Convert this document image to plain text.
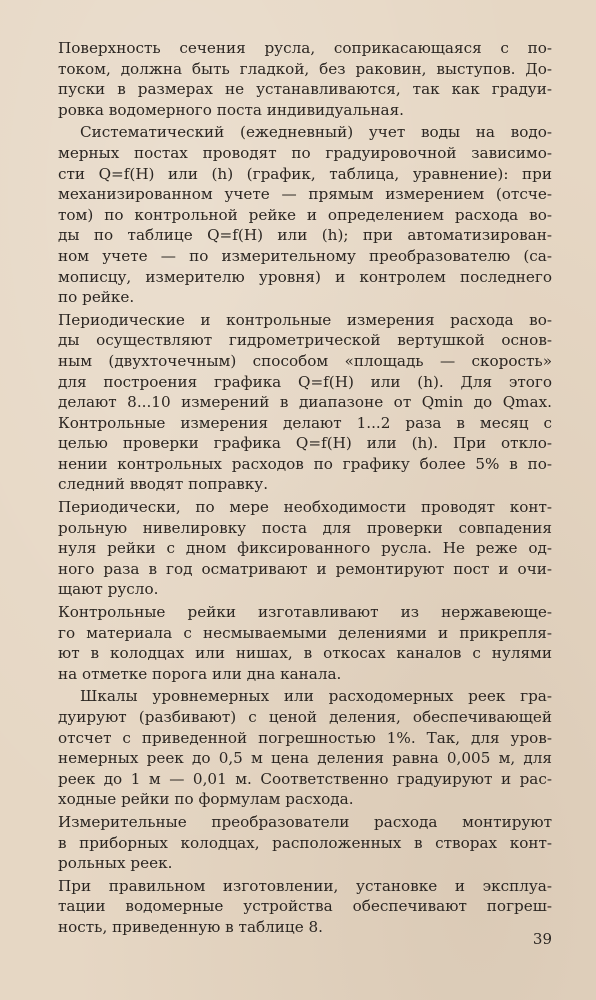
Поверхность сечения русла, соприкасающаяся с по-
током, должна быть гладкой, без раковин, выступов. До-
пуски в размерах не устанавливаются, так как градуи-
ровка водомерного поста индивидуальная.
Систематический (ежедневный) учет воды на водо-
мерных постах проводят по градуировочной зависимо-
сти Q=f(H) или (h) (график, таблица, уравнение): при
механизированном учете — прямым измерением (отсче-
том) по контрольной рейке и определением расхода во-
ды по таблице Q=f(H) или (h); при автоматизирован-
ном учете — по измерительному преобразователю (са-
мописцу, измерителю уровня) и контролем последнего
по рейке.
Периодические и контрольные измерения расхода во-
ды осуществляют гидрометрической вертушкой основ-
ным (двухточечным) способом «площадь — скорость»
для построения графика Q=f(H) или (h). Для этого
делают 8...10 измерений в диапазоне от Qmin до Qmax.
Контрольные измерения делают 1...2 раза в месяц с
целью проверки графика Q=f(H) или (h). При откло-
нении контрольных расходов по графику более 5% в по-
следний вводят поправку.
Периодически, по мере необходимости проводят конт-
рольную нивелировку поста для проверки совпадения
нуля рейки с дном фиксированного русла. Не реже од-
ного раза в год осматривают и ремонтируют пост и очи-
щают русло.
Контрольные рейки изготавливают из нержавеюще-
го материала с несмываемыми делениями и прикрепля-
ют в колодцах или нишах, в откосах каналов с нулями
на отметке порога или дна канала.
Шкалы уровнемерных или расходомерных реек гра-
дуируют (разбивают) с ценой деления, обеспечивающей
отсчет с приведенной погрешностью 1%. Так, для уров-
немерных реек до 0,5 м цена деления равна 0,005 м, для
реек до 1 м — 0,01 м. Соответственно градуируют и рас-
ходные рейки по формулам расхода.
Измерительные преобразователи расхода монтируют
в приборных колодцах, расположенных в створах конт-
рольных реек.
При правильном изготовлении, установке и эксплуа-
тации водомерные устройства обеспечивают погреш-
ность, приведенную в таблице 8.
39
